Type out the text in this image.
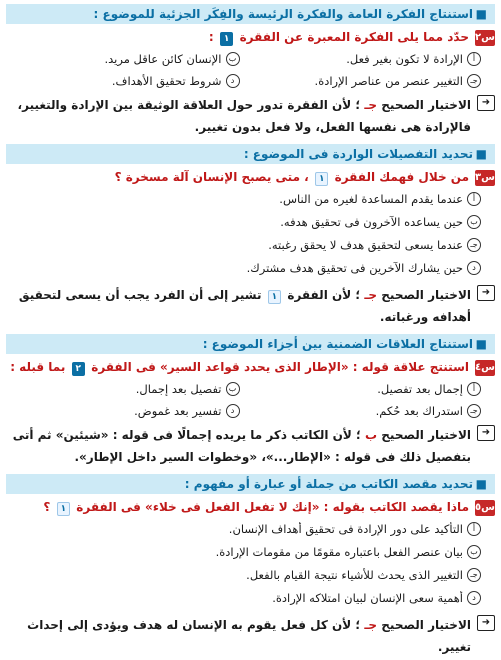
■
استنتاج الفكرة العامة والفكرة الرئيسة والفِكَر الجزئية للموضوع :
س٢
حدّد مما يلى الفكرة المعبرة عن الفقرة ١ :
أ
الإرادة لا تكون بغير فعل.
ب
الإنسان كائن عاقل مريد.
جـ
التغيير عنصر من عناصر الإرادة.
د
شروط تحقيق الأهداف.
➜
الاختيار الصحيح جـ ؛ لأن الفقرة تدور حول العلاقة الوثيقة بين الإرادة والتغيير، فالإرادة هى نفسها الفعل، ولا فعل بدون تغيير.
■
تحديد التفصيلات الواردة فى الموضوع :
س٣
من خلال فهمك الفقرة ١ ، متى يصبح الإنسان آلة مسخرة ؟
أ
عندما يقدم المساعدة لغيره من الناس.
ب
حين يساعده الآخرون فى تحقيق هدفه.
جـ
عندما يسعى لتحقيق هدف لا يحقق رغبته.
د
حين يشارك الآخرين فى تحقيق هدف مشترك.
➜
الاختيار الصحيح جـ ؛ لأن الفقرة ١ تشير إلى أن الفرد يجب أن يسعى لتحقيق أهدافه ورغباته.
■
استنتاج العلاقات الضمنية بين أجزاء الموضوع :
س٤
استنتج علاقة قوله : «الإطار الذى يحدد قواعد السير» فى الفقرة ٢ بما قبله :
أ
إجمال بعد تفصيل.
ب
تفصيل بعد إجمال.
جـ
استدراك بعد حُكم.
د
تفسير بعد غموض.
➜
الاختيار الصحيح ب ؛ لأن الكاتب ذكر ما يريده إجمالًا فى قوله : «شيئين» ثم أتى بتفصيل ذلك فى قوله : «الإطار...»، «وخطوات السير داخل الإطار».
■
تحديد مقصد الكاتب من جملة أو عبارة أو مفهوم :
س٥
ماذا يقصد الكاتب بقوله : «إنك لا تفعل الفعل فى خلاء» فى الفقرة ١ ؟
أ
التأكيد على دور الإرادة فى تحقيق أهداف الإنسان.
ب
بيان عنصر الفعل باعتباره مقومًا من مقومات الإرادة.
جـ
التغيير الذى يحدث للأشياء نتيجة القيام بالفعل.
د
أهمية سعى الإنسان لبيان امتلاكه الإرادة.
➜
الاختيار الصحيح جـ ؛ لأن كل فعل يقوم به الإنسان له هدف ويؤدى إلى إحداث تغيير.
